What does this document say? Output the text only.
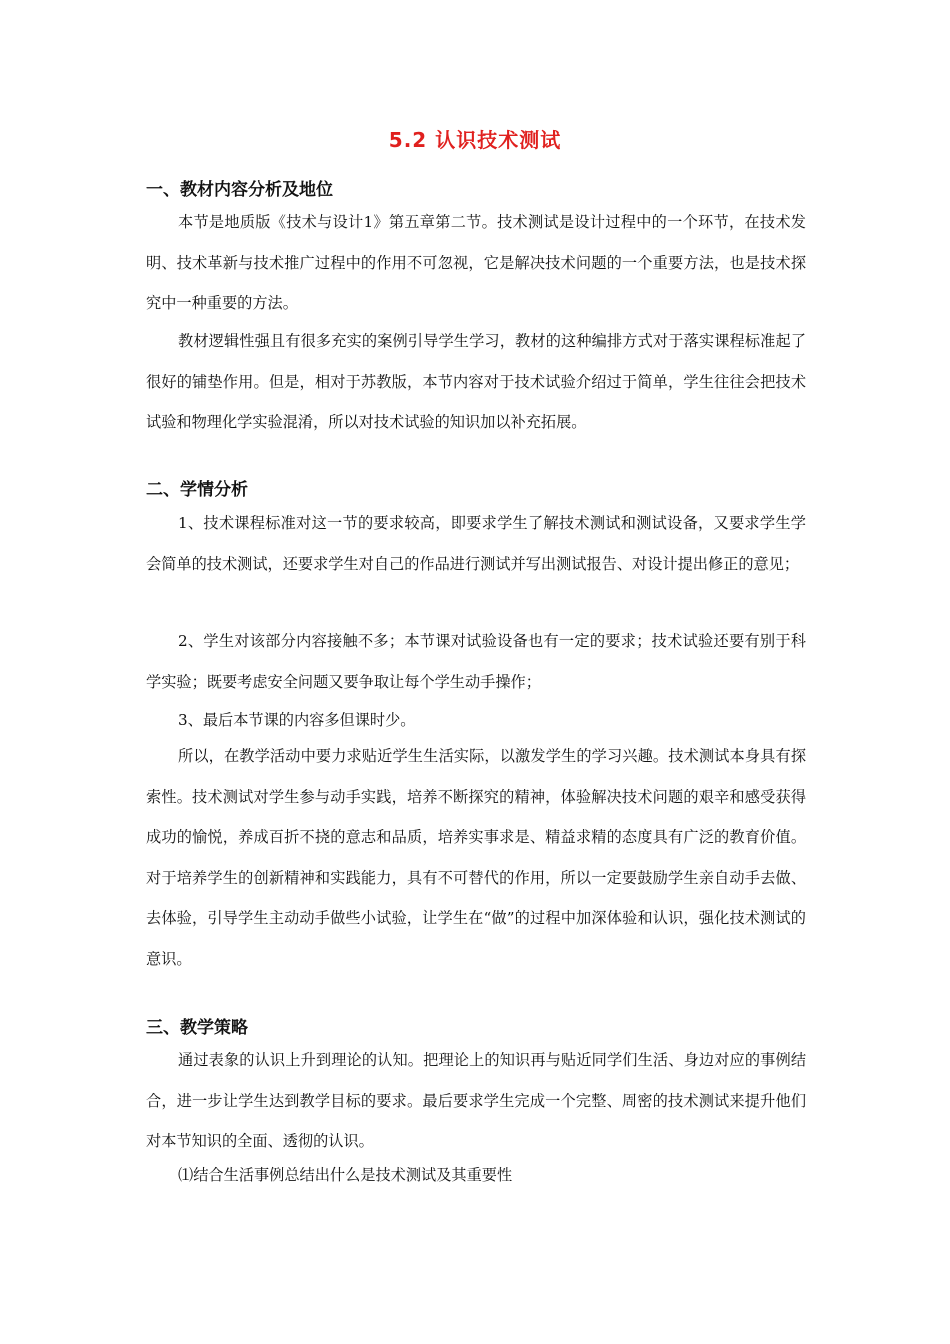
5.2 认识技术测试
一、教材内容分析及地位

本节是地质版《技术与设计1》第五章第二节。技术测试是设计过程中的一个环节，在技术发明、技术革新与技术推广过程中的作用不可忽视，它是解决技术问题的一个重要方法，也是技术探究中一种重要的方法。

教材逻辑性强且有很多充实的案例引导学生学习，教材的这种编排方式对于落实课程标准起了很好的铺垫作用。但是，相对于苏教版，本节内容对于技术试验介绍过于简单，学生往往会把技术试验和物理化学实验混淆，所以对技术试验的知识加以补充拓展。

二、学情分析

1、技术课程标准对这一节的要求较高，即要求学生了解技术测试和测试设备，又要求学生学会简单的技术测试，还要求学生对自己的作品进行测试并写出测试报告、对设计提出修正的意见；

2、学生对该部分内容接触不多；本节课对试验设备也有一定的要求；技术试验还要有别于科学实验；既要考虑安全问题又要争取让每个学生动手操作；

3、最后本节课的内容多但课时少。

所以，在教学活动中要力求贴近学生生活实际，以激发学生的学习兴趣。技术测试本身具有探索性。技术测试对学生参与动手实践，培养不断探究的精神，体验解决技术问题的艰辛和感受获得成功的愉悦，养成百折不挠的意志和品质，培养实事求是、精益求精的态度具有广泛的教育价值。对于培养学生的创新精神和实践能力，具有不可替代的作用，所以一定要鼓励学生亲自动手去做、去体验，引导学生主动动手做些小试验，让学生在“做”的过程中加深体验和认识，强化技术测试的意识。

三、教学策略

通过表象的认识上升到理论的认知。把理论上的知识再与贴近同学们生活、身边对应的事例结合，进一步让学生达到教学目标的要求。最后要求学生完成一个完整、周密的技术测试来提升他们对本节知识的全面、透彻的认识。

⑴结合生活事例总结出什么是技术测试及其重要性
